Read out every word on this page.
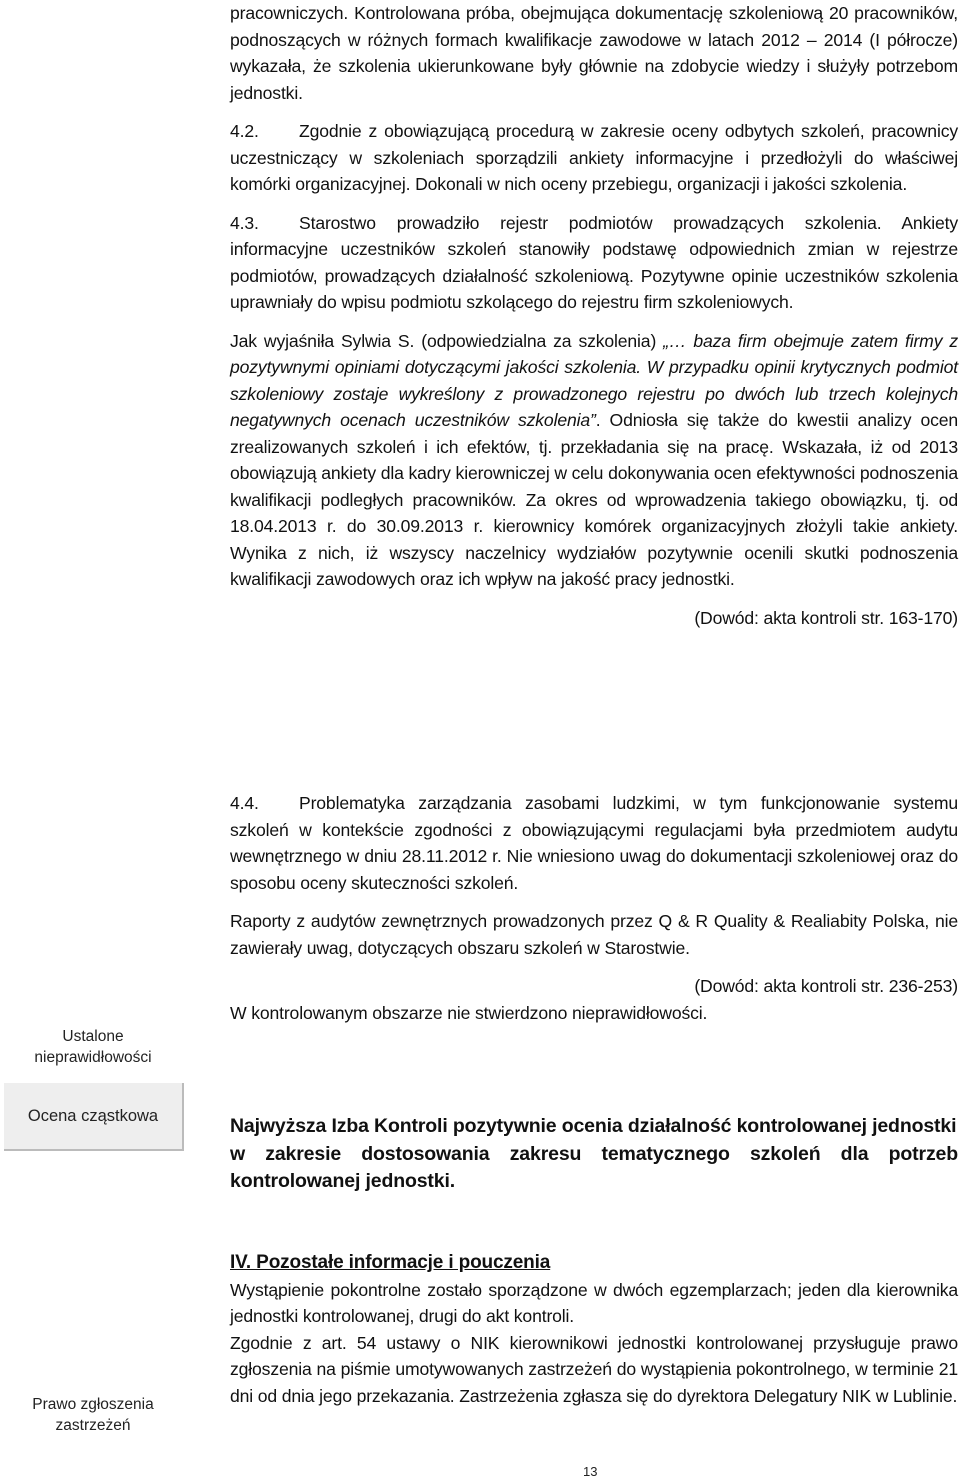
pracowniczych. Kontrolowana próba, obejmująca dokumentację szkoleniową 20 pracowników, podnoszących w różnych formach kwalifikacje zawodowe w latach 2012 – 2014 (I półrocze) wykazała, że szkolenia ukierunkowane były głównie na zdobycie wiedzy i służyły potrzebom jednostki.

4.2. Zgodnie z obowiązującą procedurą w zakresie oceny odbytych szkoleń, pracownicy uczestniczący w szkoleniach sporządzili ankiety informacyjne i przedłożyli do właściwej komórki organizacyjnej. Dokonali w nich oceny przebiegu, organizacji i jakości szkolenia.

4.3. Starostwo prowadziło rejestr podmiotów prowadzących szkolenia. Ankiety informacyjne uczestników szkoleń stanowiły podstawę odpowiednich zmian w rejestrze podmiotów, prowadzących działalność szkoleniową. Pozytywne opinie uczestników szkolenia uprawniały do wpisu podmiotu szkolącego do rejestru firm szkoleniowych.

Jak wyjaśniła Sylwia S. (odpowiedzialna za szkolenia) „… baza firm obejmuje zatem firmy z pozytywnymi opiniami dotyczącymi jakości szkolenia. W przypadku opinii krytycznych podmiot szkoleniowy zostaje wykreślony z prowadzonego rejestru po dwóch lub trzech kolejnych negatywnych ocenach uczestników szkolenia”. Odniosła się także do kwestii analizy ocen zrealizowanych szkoleń i ich efektów, tj. przekładania się na pracę. Wskazała, iż od 2013 obowiązują ankiety dla kadry kierowniczej w celu dokonywania ocen efektywności podnoszenia kwalifikacji podległych pracowników. Za okres od wprowadzenia takiego obowiązku, tj. od 18.04.2013 r. do 30.09.2013 r. kierownicy komórek organizacyjnych złożyli takie ankiety. Wynika z nich, iż wszyscy naczelnicy wydziałów pozytywnie ocenili skutki podnoszenia kwalifikacji zawodowych oraz ich wpływ na jakość pracy jednostki.

(Dowód: akta kontroli str. 163-170)

4.4. Problematyka zarządzania zasobami ludzkimi, w tym funkcjonowanie systemu szkoleń w kontekście zgodności z obowiązującymi regulacjami była przedmiotem audytu wewnętrznego w dniu 28.11.2012 r. Nie wniesiono uwag do dokumentacji szkoleniowej oraz do sposobu oceny skuteczności szkoleń.

Raporty z audytów zewnętrznych prowadzonych przez Q & R Quality & Realiabity Polska, nie zawierały uwag, dotyczących obszaru szkoleń w Starostwie.

(Dowód: akta kontroli str. 236-253)

W kontrolowanym obszarze nie stwierdzono nieprawidłowości.

Najwyższa Izba Kontroli pozytywnie ocenia działalność kontrolowanej jednostki

w zakresie dostosowania zakresu tematycznego szkoleń dla potrzeb kontrolowanej jednostki.

IV. Pozostałe informacje i pouczenia

Wystąpienie pokontrolne zostało sporządzone w dwóch egzemplarzach; jeden dla kierownika jednostki kontrolowanej, drugi do akt kontroli.

Zgodnie z art. 54 ustawy o NIK kierownikowi jednostki kontrolowanej przysługuje prawo zgłoszenia na piśmie umotywowanych zastrzeżeń do wystąpienia pokontrolnego, w terminie 21 dni od dnia jego przekazania. Zastrzeżenia zgłasza się do dyrektora Delegatury NIK w Lublinie.

Ustalone
nieprawidłowości
Ocena cząstkowa
Prawo zgłoszenia
zastrzeżeń
13
